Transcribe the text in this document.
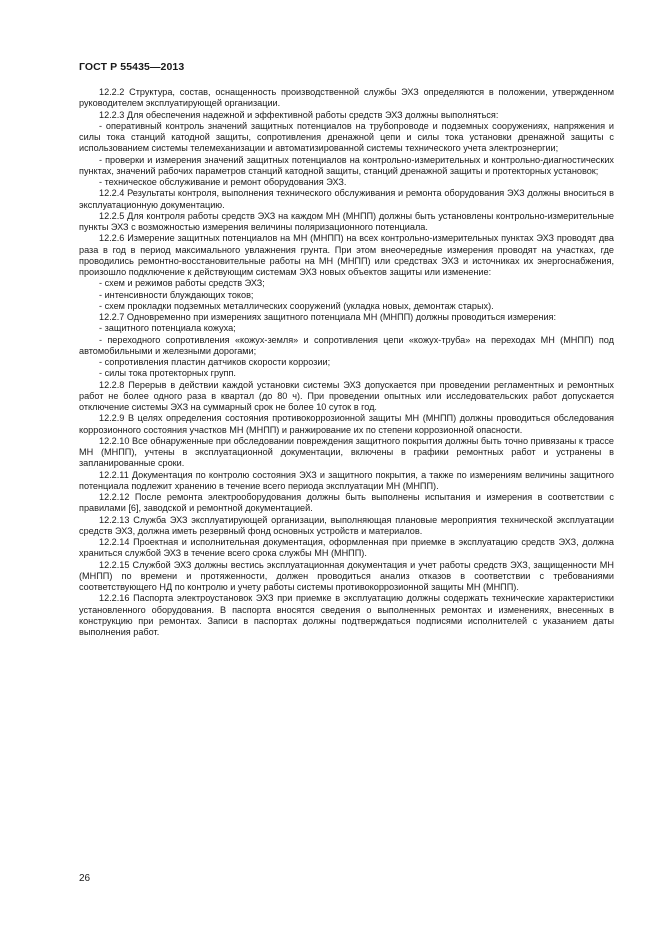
ГОСТ Р 55435—2013

12.2.2 Структура, состав, оснащенность производственной службы ЭХЗ определяются в положении, утвержденном руководителем эксплуатирующей организации.

12.2.3 Для обеспечения надежной и эффективной работы средств ЭХЗ должны выполняться:

- оперативный контроль значений защитных потенциалов на трубопроводе и подземных сооружениях, напряжения и силы тока станций катодной защиты, сопротивления дренажной цепи и силы тока установки дренажной защиты с использованием системы телемеханизации и автоматизированной системы технического учета электроэнергии;

- проверки и измерения значений защитных потенциалов на контрольно-измерительных и контрольно-диагностических пунктах, значений рабочих параметров станций катодной защиты, станций дренажной защиты и протекторных установок;

- техническое обслуживание и ремонт оборудования ЭХЗ.

12.2.4 Результаты контроля, выполнения технического обслуживания и ремонта оборудования ЭХЗ должны вноситься в эксплуатационную документацию.

12.2.5 Для контроля работы средств ЭХЗ на каждом МН (МНПП) должны быть установлены контрольно-измерительные пункты ЭХЗ с возможностью измерения величины поляризационного потенциала.

12.2.6 Измерение защитных потенциалов на МН (МНПП) на всех контрольно-измерительных пунктах ЭХЗ проводят два раза в год в период максимального увлажнения грунта. При этом внеочередные измерения проводят на участках, где проводились ремонтно-восстановительные работы на МН (МНПП) или средствах ЭХЗ и источниках их энергоснабжения, произошло подключение к действующим системам ЭХЗ новых объектов защиты или изменение:

- схем и режимов работы средств ЭХЗ;

- интенсивности блуждающих токов;

- схем прокладки подземных металлических сооружений (укладка новых, демонтаж старых).

12.2.7 Одновременно при измерениях защитного потенциала МН (МНПП) должны проводиться измерения:

- защитного потенциала кожуха;

- переходного сопротивления «кожух-земля» и сопротивления цепи «кожух-труба» на переходах МН (МНПП) под автомобильными и железными дорогами;

- сопротивления пластин датчиков скорости коррозии;

- силы тока протекторных групп.

12.2.8 Перерыв в действии каждой установки системы ЭХЗ допускается при проведении регламентных и ремонтных работ не более одного раза в квартал (до 80 ч). При проведении опытных или исследовательских работ допускается отключение системы ЭХЗ на суммарный срок не более 10 суток в год.

12.2.9 В целях определения состояния противокоррозионной защиты МН (МНПП) должны проводиться обследования коррозионного состояния участков МН (МНПП) и ранжирование их по степени коррозионной опасности.

12.2.10 Все обнаруженные при обследовании повреждения защитного покрытия должны быть точно привязаны к трассе МН (МНПП), учтены в эксплуатационной документации, включены в графики ремонтных работ и устранены в запланированные сроки.

12.2.11 Документация по контролю состояния ЭХЗ и защитного покрытия, а также по измерениям величины защитного потенциала подлежит хранению в течение всего периода эксплуатации МН (МНПП).

12.2.12 После ремонта электрооборудования должны быть выполнены испытания и измерения в соответствии с правилами [6], заводской и ремонтной документацией.

12.2.13 Служба ЭХЗ эксплуатирующей организации, выполняющая плановые мероприятия технической эксплуатации средств ЭХЗ, должна иметь резервный фонд основных устройств и материалов.

12.2.14 Проектная и исполнительная документация, оформленная при приемке в эксплуатацию средств ЭХЗ, должна храниться службой ЭХЗ в течение всего срока службы МН (МНПП).

12.2.15 Службой ЭХЗ должны вестись эксплуатационная документация и учет работы средств ЭХЗ, защищенности МН (МНПП) по времени и протяженности, должен проводиться анализ отказов в соответствии с требованиями соответствующего НД по контролю и учету работы системы противокоррозионной защиты МН (МНПП).

12.2.16 Паспорта электроустановок ЭХЗ при приемке в эксплуатацию должны содержать технические характеристики установленного оборудования. В паспорта вносятся сведения о выполненных ремонтах и изменениях, внесенных в конструкцию при ремонтах. Записи в паспортах должны подтверждаться подписями исполнителей с указанием даты выполнения работ.

26
